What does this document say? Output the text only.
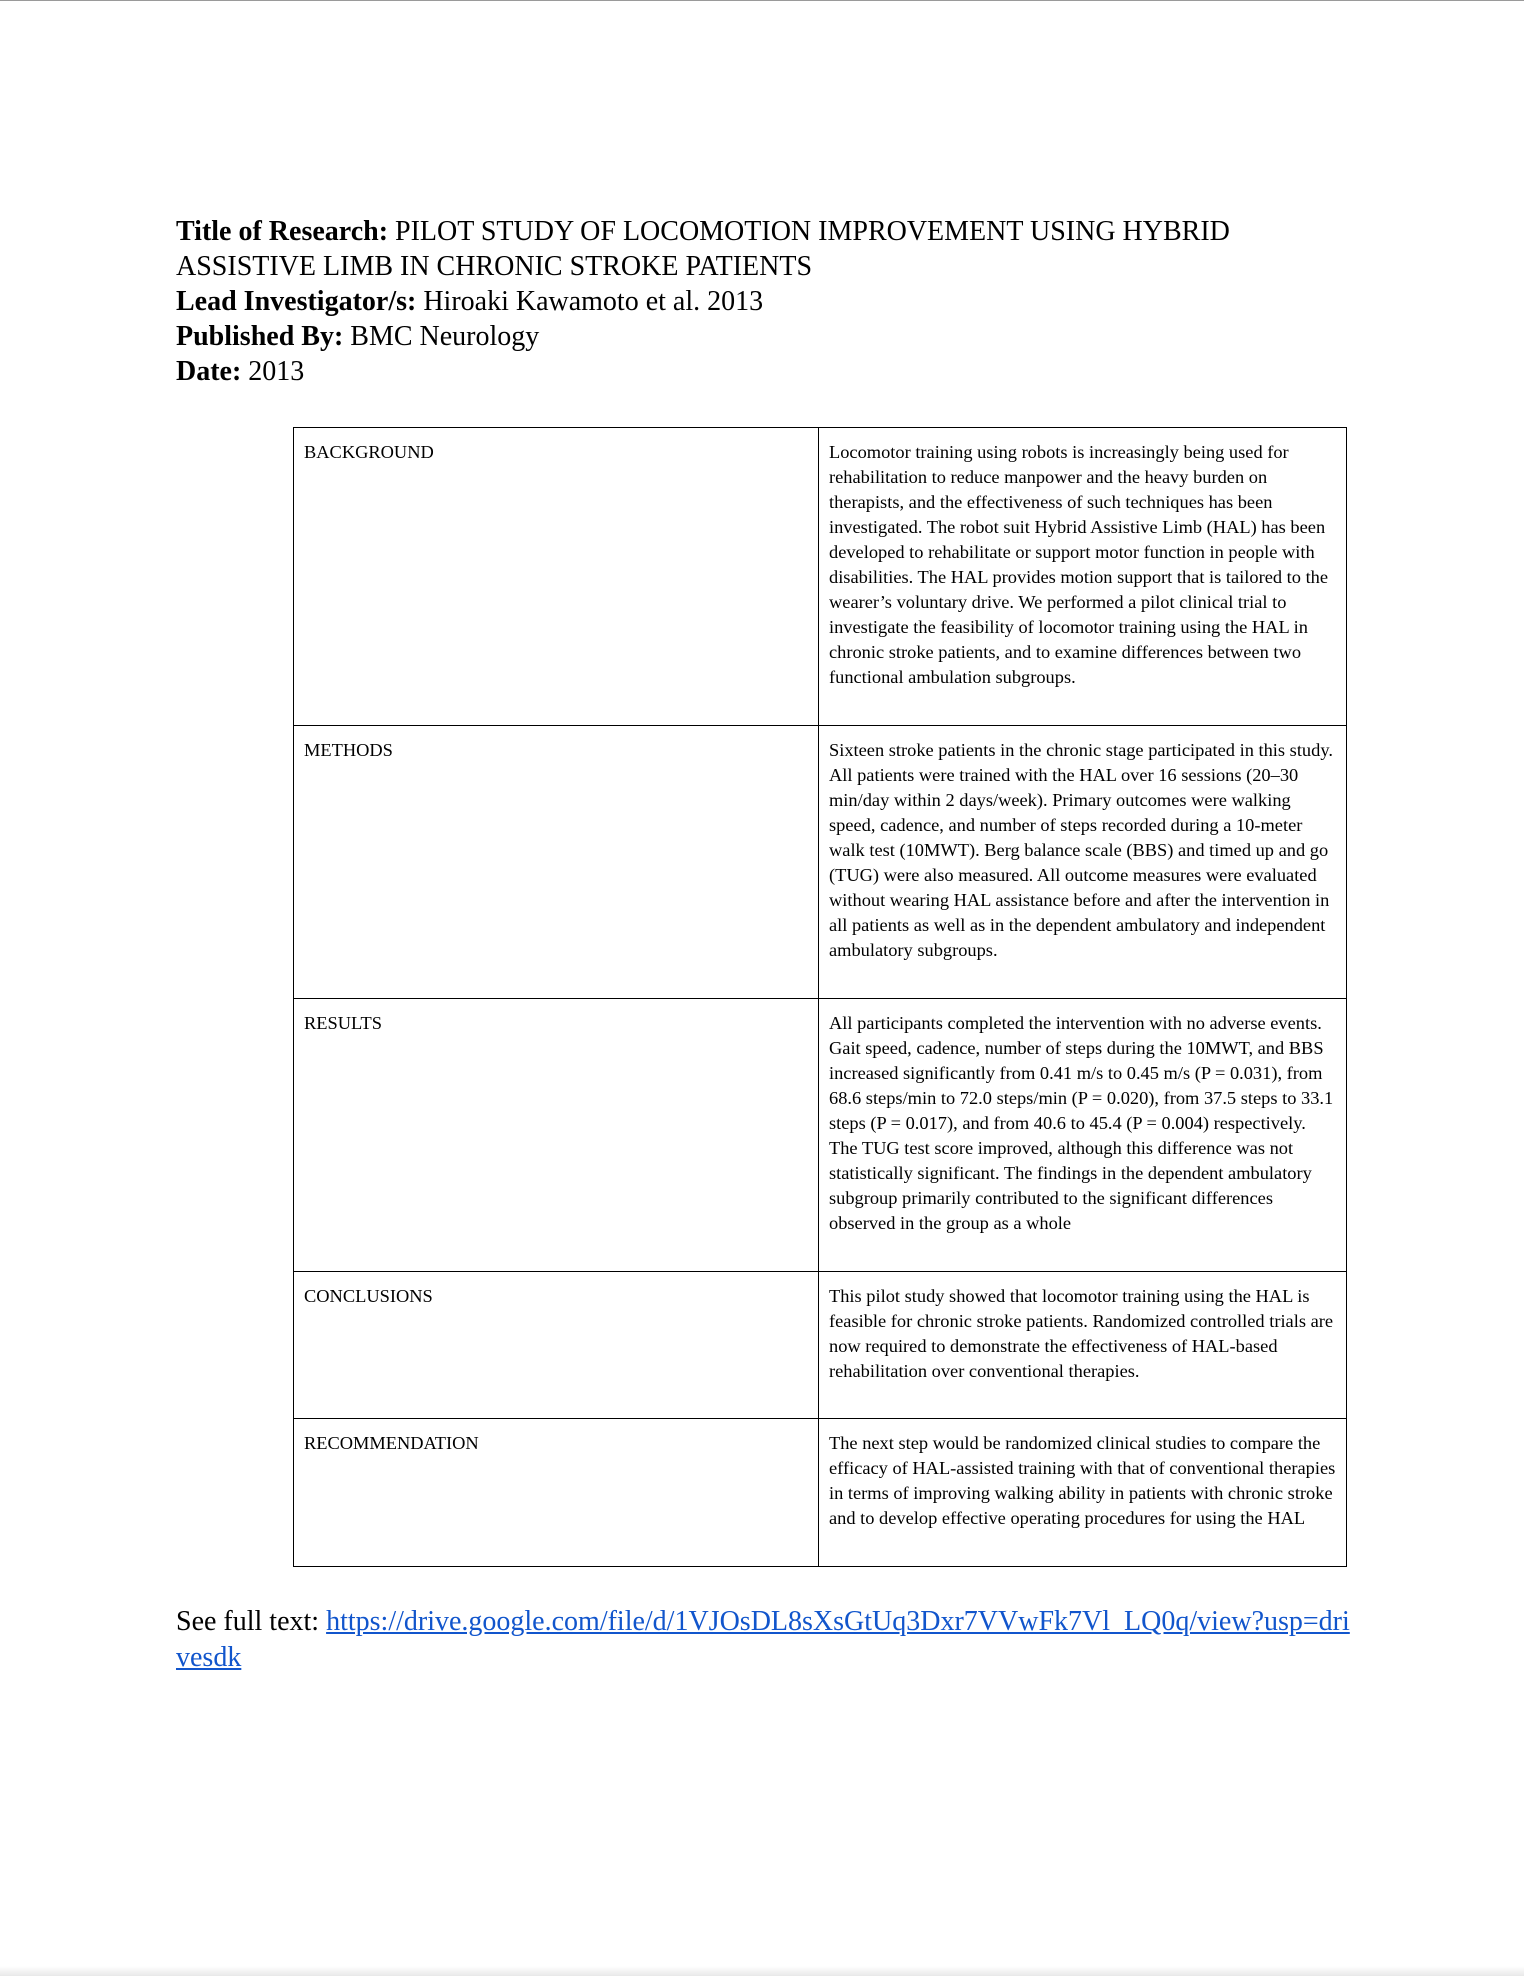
Title of Research: PILOT STUDY OF LOCOMOTION IMPROVEMENT USING HYBRID ASSISTIVE LIMB IN CHRONIC STROKE PATIENTS

Lead Investigator/s: Hiroaki Kawamoto et al. 2013

Published By: BMC Neurology

Date: 2013

BACKGROUND	Locomotor training using robots is increasingly being used for rehabilitation to reduce manpower and the heavy burden on therapists, and the effectiveness of such techniques has been investigated. The robot suit Hybrid Assistive Limb (HAL) has been developed to rehabilitate or support motor function in people with disabilities. The HAL provides motion support that is tailored to the wearer’s voluntary drive. We performed a pilot clinical trial to investigate the feasibility of locomotor training using the HAL in chronic stroke patients, and to examine differences between two functional ambulation subgroups.
METHODS	Sixteen stroke patients in the chronic stage participated in this study. All patients were trained with the HAL over 16 sessions (20–30 min/day within 2 days/week). Primary outcomes were walking speed, cadence, and number of steps recorded during a 10-meter walk test (10MWT). Berg balance scale (BBS) and timed up and go (TUG) were also measured. All outcome measures were evaluated without wearing HAL assistance before and after the intervention in all patients as well as in the dependent ambulatory and independent ambulatory subgroups.
RESULTS	All participants completed the intervention with no adverse events. Gait speed, cadence, number of steps during the 10MWT, and BBS increased significantly from 0.41 m/s to 0.45 m/s (P = 0.031), from 68.6 steps/min to 72.0 steps/min (P = 0.020), from 37.5 steps to 33.1 steps (P = 0.017), and from 40.6 to 45.4 (P = 0.004) respectively. The TUG test score improved, although this difference was not statistically significant. The findings in the dependent ambulatory subgroup primarily contributed to the significant differences observed in the group as a whole
CONCLUSIONS	This pilot study showed that locomotor training using the HAL is feasible for chronic stroke patients. Randomized controlled trials are now required to demonstrate the effectiveness of HAL-based rehabilitation over conventional therapies.
RECOMMENDATION	The next step would be randomized clinical studies to compare the efficacy of HAL-assisted training with that of conventional therapies in terms of improving walking ability in patients with chronic stroke and to develop effective operating procedures for using the HAL
See full text: https://drive.google.com/file/d/1VJOsDL8sXsGtUq3Dxr7VVwFk7Vl_LQ0q/view?usp=drivesdk
